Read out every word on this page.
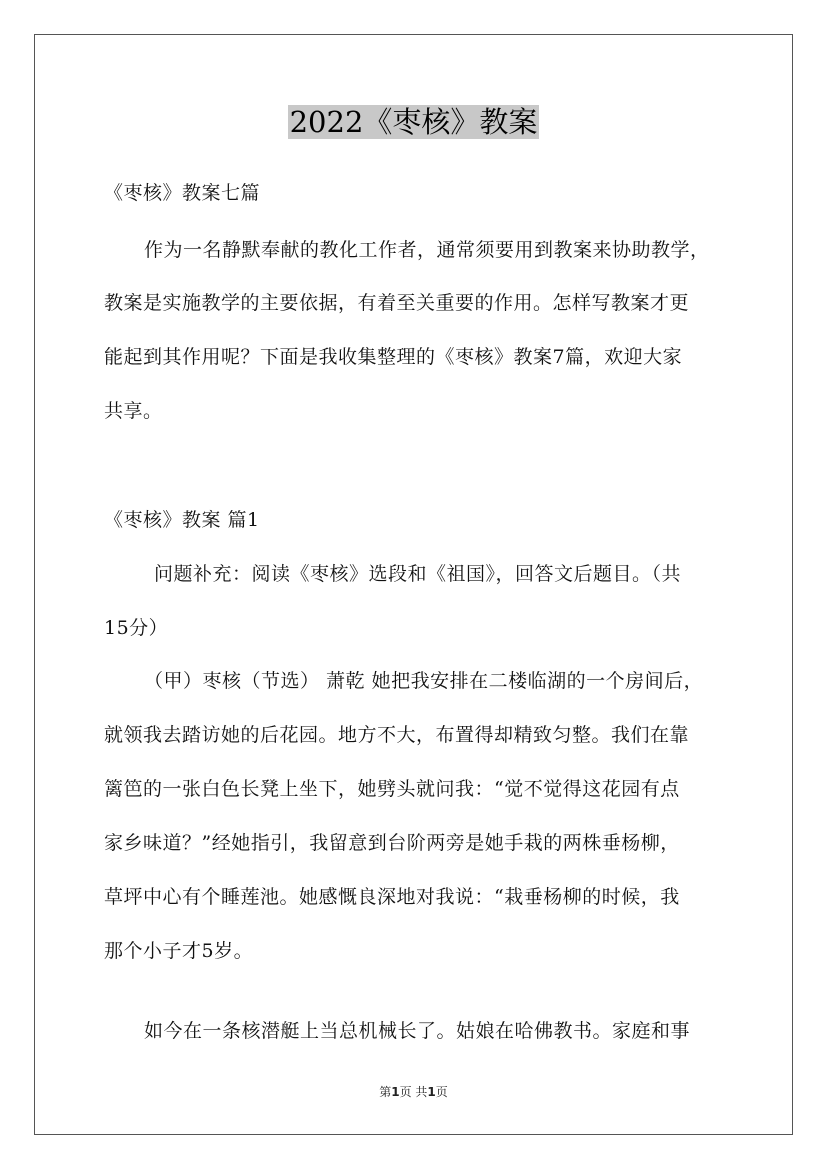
2022《枣核》教案
《枣核》教案七篇
作为一名静默奉献的教化工作者，通常须要用到教案来协助教学，
教案是实施教学的主要依据，有着至关重要的作用。怎样写教案才更
能起到其作用呢？下面是我收集整理的《枣核》教案7篇，欢迎大家
共享。
《枣核》教案 篇1
问题补充：阅读《枣核》选段和《祖国》，回答文后题目。（共
15分）
（甲）枣核（节选） 萧乾 她把我安排在二楼临湖的一个房间后，
就领我去踏访她的后花园。地方不大，布置得却精致匀整。我们在靠
篱笆的一张白色长凳上坐下，她劈头就问我：“觉不觉得这花园有点
家乡味道？”经她指引，我留意到台阶两旁是她手栽的两株垂杨柳，
草坪中心有个睡莲池。她感慨良深地对我说：“栽垂杨柳的时候，我
那个小子才5岁。
如今在一条核潜艇上当总机械长了。姑娘在哈佛教书。家庭和事
第1页 共1页
